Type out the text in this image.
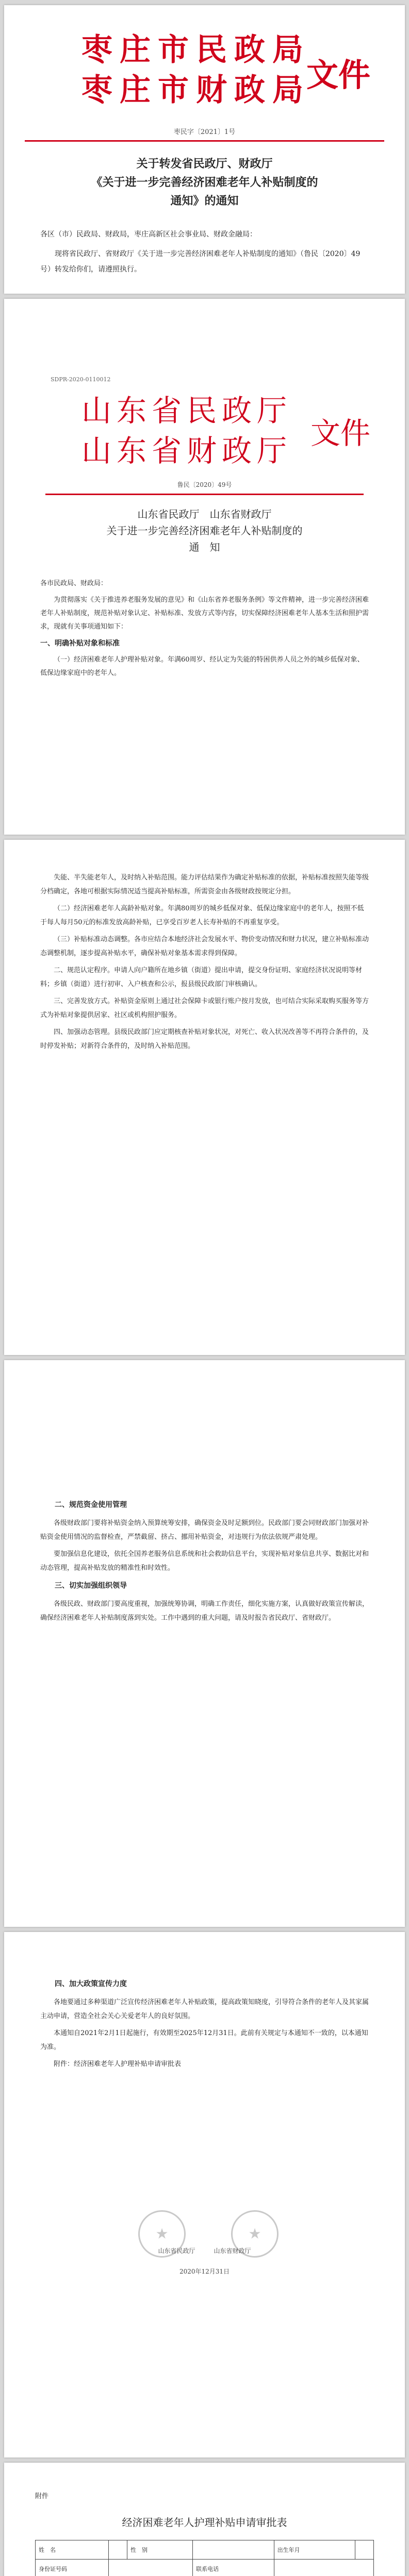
枣庄市民政局
枣庄市财政局
文件
枣民字〔2021〕1号
关于转发省民政厅、财政厅
《关于进一步完善经济困难老年人补贴制度的
通知》的通知

各区（市）民政局、财政局，枣庄高新区社会事业局、财政金融局：

现将省民政厅、省财政厅《关于进一步完善经济困难老年人补贴制度的通知》（鲁民〔2020〕49号）转发给你们，请遵照执行。

SDPR-2020-0110012
山东省民政厅
山东省财政厅 文件
鲁民〔2020〕49号
山东省民政厅　山东省财政厅
关于进一步完善经济困难老年人补贴制度的
通　知

各市民政局、财政局：

为贯彻落实《关于推进养老服务发展的意见》和《山东省养老服务条例》等文件精神，进一步完善经济困难老年人补贴制度，规范补贴对象认定、补贴标准、发放方式等内容，切实保障经济困难老年人基本生活和照护需求，现就有关事项通知如下：

一、明确补贴对象和标准

（一）经济困难老年人护理补贴对象。年满60周岁、经认定为失能的特困供养人员之外的城乡低保对象、低保边缘家庭中的老年人。

失能、半失能老年人，及时纳入补贴范围。能力评估结果作为确定补贴标准的依据，补贴标准按照失能等级分档确定，各地可根据实际情况适当提高补贴标准，所需资金由各级财政按规定分担。

（二）经济困难老年人高龄补贴对象。年满80周岁的城乡低保对象、低保边缘家庭中的老年人，按照不低于每人每月50元的标准发放高龄补贴，已享受百岁老人长寿补贴的不再重复享受。

（三）补贴标准动态调整。各市应结合本地经济社会发展水平、物价变动情况和财力状况，建立补贴标准动态调整机制，逐步提高补贴水平，确保补贴对象基本需求得到保障。

二、规范认定程序。申请人向户籍所在地乡镇（街道）提出申请，提交身份证明、家庭经济状况说明等材料；乡镇（街道）进行初审、入户核查和公示，报县级民政部门审核确认。

三、完善发放方式。补贴资金原则上通过社会保障卡或银行账户按月发放，也可结合实际采取购买服务等方式为补贴对象提供居家、社区或机构照护服务。

四、加强动态管理。县级民政部门应定期核查补贴对象状况，对死亡、收入状况改善等不再符合条件的，及时停发补贴；对新符合条件的，及时纳入补贴范围。

二、规范资金使用管理

各级财政部门要将补贴资金纳入预算统筹安排，确保资金及时足额到位。民政部门要会同财政部门加强对补贴资金使用情况的监督检查，严禁截留、挤占、挪用补贴资金，对违规行为依法依规严肃处理。

要加强信息化建设，依托全国养老服务信息系统和社会救助信息平台，实现补贴对象信息共享、数据比对和动态管理，提高补贴发放的精准性和时效性。

三、切实加强组织领导

各级民政、财政部门要高度重视，加强统筹协调，明确工作责任，细化实施方案，认真做好政策宣传解读，确保经济困难老年人补贴制度落到实处。工作中遇到的重大问题，请及时报告省民政厅、省财政厅。

四、加大政策宣传力度

各地要通过多种渠道广泛宣传经济困难老年人补贴政策，提高政策知晓度，引导符合条件的老年人及其家属主动申请，营造全社会关心关爱老年人的良好氛围。

本通知自2021年2月1日起施行，有效期至2025年12月31日。此前有关规定与本通知不一致的，以本通知为准。

附件：经济困难老年人护理补贴申请审批表

★
★
山东省民政厅　　　山东省财政厅
2020年12月31日
附件
经济困难老年人护理补贴申请审批表
姓　名		性　别		出生年月	
身份证号码			联系电话		
